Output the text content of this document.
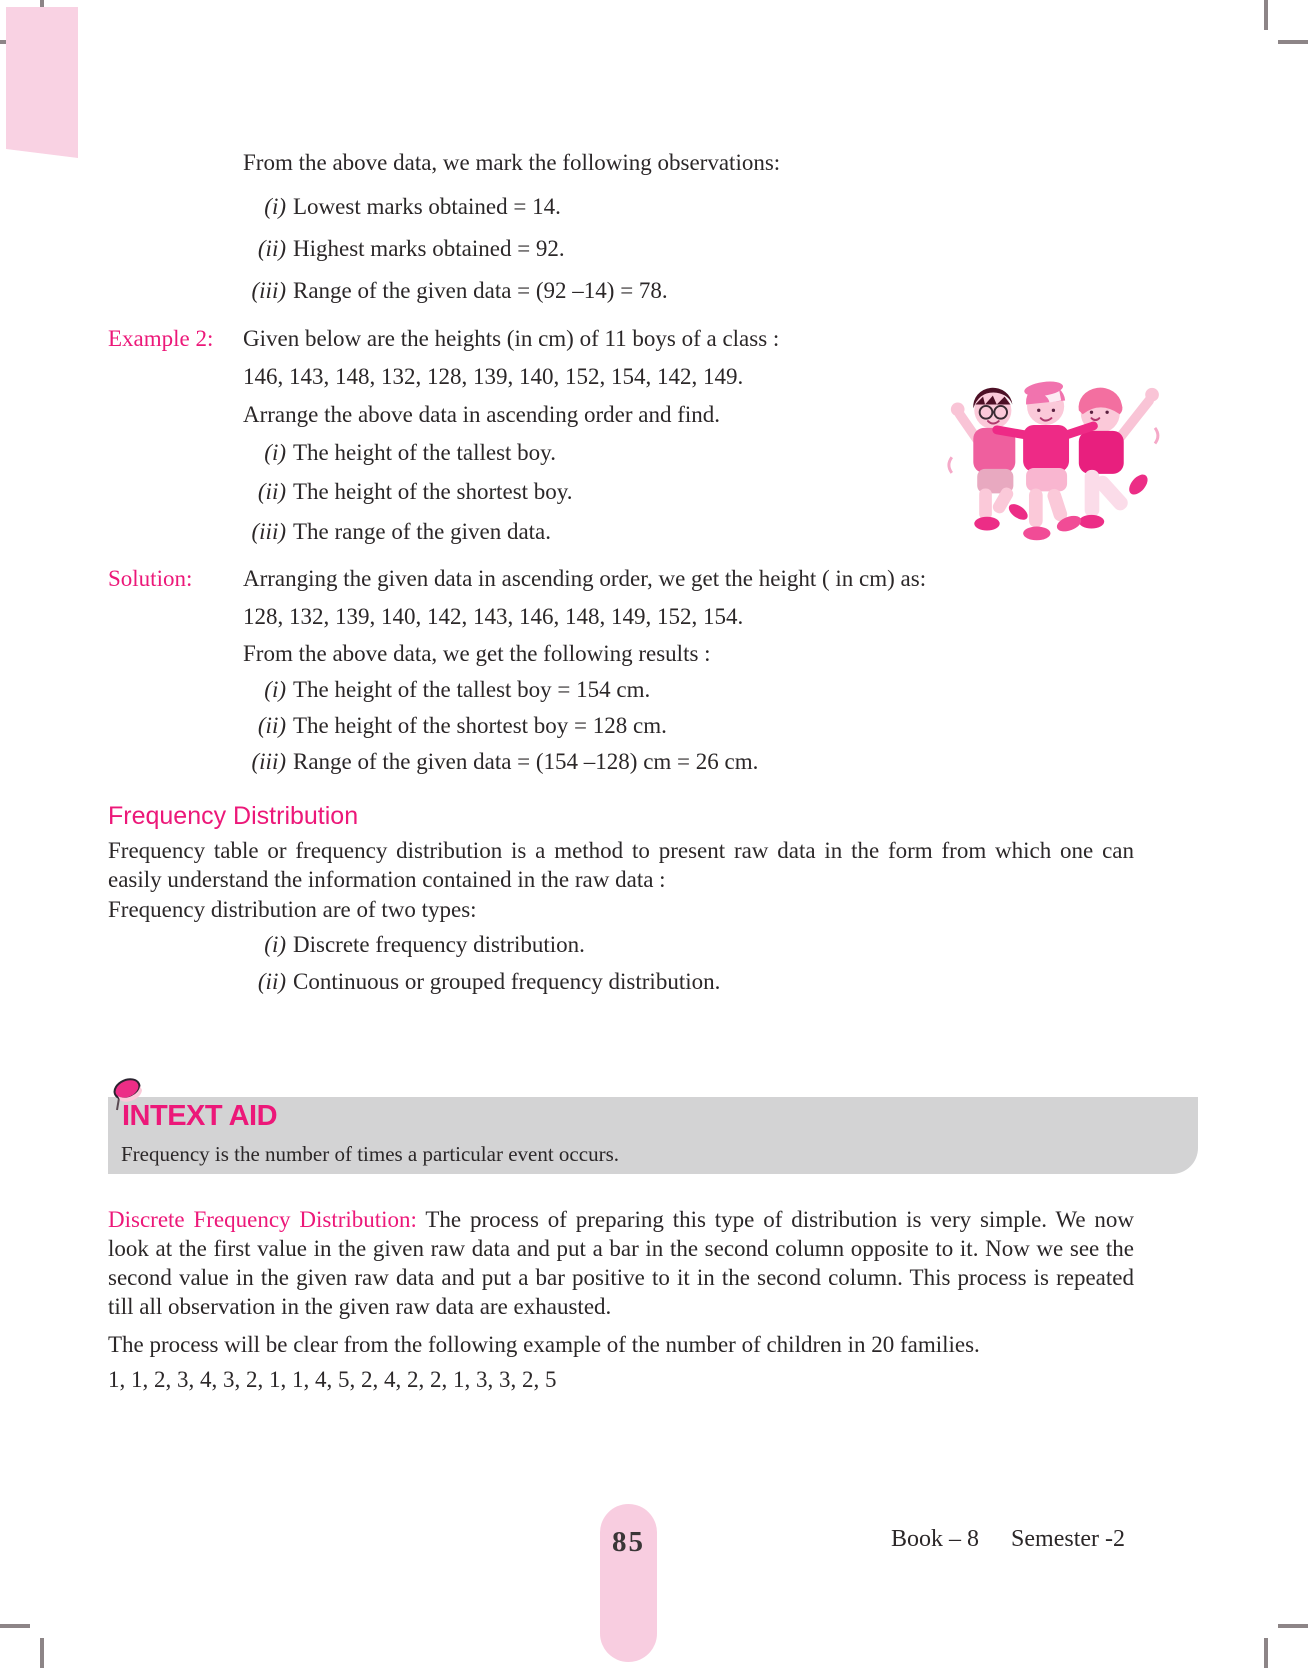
From the above data, we mark the following observations:
(i) Lowest marks obtained = 14.
(ii) Highest marks obtained = 92.
(iii) Range of the given data = (92 –14) = 78.
Example 2: Given below are the heights (in cm) of 11 boys of a class :
146, 143, 148, 132, 128, 139, 140, 152, 154, 142, 149.
Arrange the above data in ascending order and find.
(i) The height of the tallest boy.
(ii) The height of the shortest boy.
(iii) The range of the given data.
Solution: Arranging the given data in ascending order, we get the height ( in cm) as:
128, 132, 139, 140, 142, 143, 146, 148, 149, 152, 154.
From the above data, we get the following results :
(i) The height of the tallest boy = 154 cm.
(ii) The height of the shortest boy = 128 cm.
(iii) Range of the given data = (154 –128) cm = 26 cm.
Frequency Distribution
Frequency table or frequency distribution is a method to present raw data in the form from which one can easily understand the information contained in the raw data :
Frequency distribution are of two types:
(i) Discrete frequency distribution.
(ii) Continuous or grouped frequency distribution.
INTEXT AID
Frequency is the number of times a particular event occurs.
Discrete Frequency Distribution: The process of preparing this type of distribution is very simple. We now look at the first value in the given raw data and put a bar in the second column opposite to it. Now we see the second value in the given raw data and put a bar positive to it in the second column. This process is repeated till all observation in the given raw data are exhausted.
The process will be clear from the following example of the number of children in 20 families.
1, 1, 2, 3, 4, 3, 2, 1, 1, 4, 5, 2, 4, 2, 2, 1, 3, 3, 2, 5
85	Book – 8 Semester -2
